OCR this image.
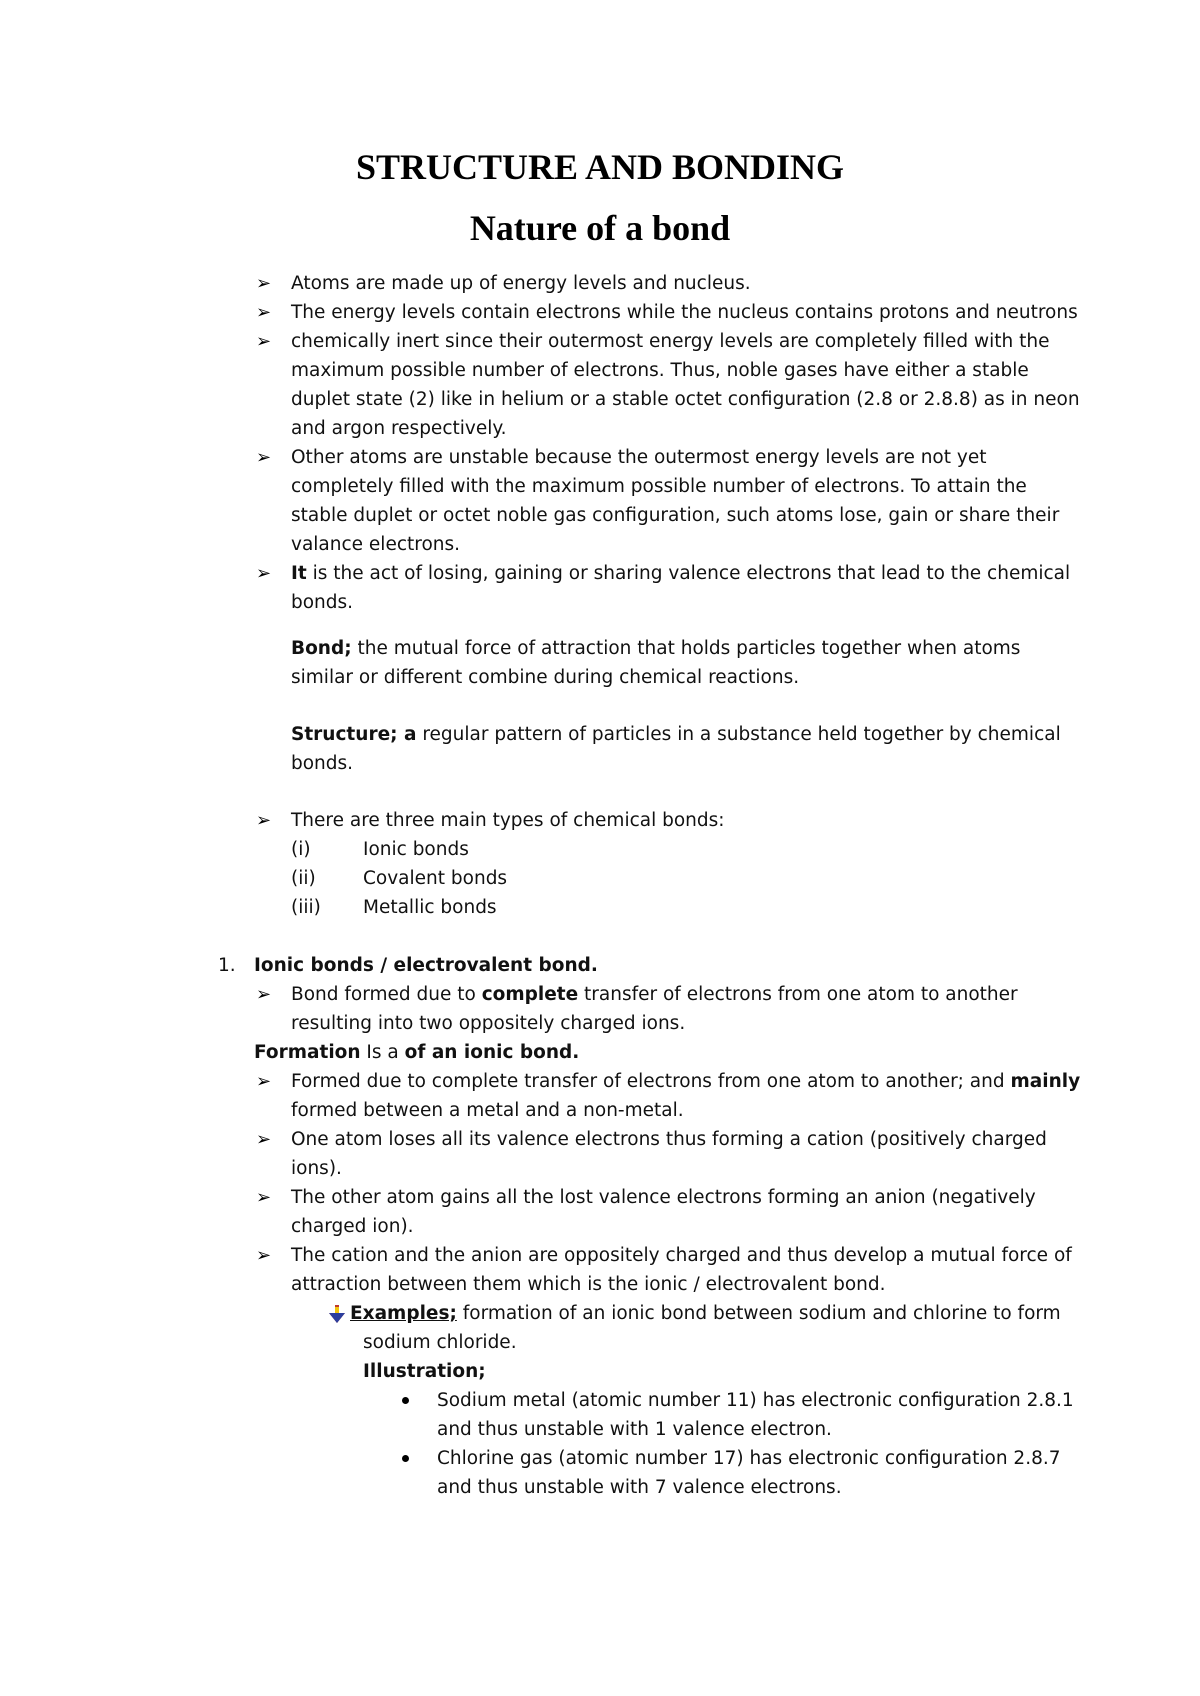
STRUCTURE AND BONDING
Nature of a bond
➢ Atoms are made up of energy levels and nucleus.
➢ The energy levels contain electrons while the nucleus contains protons and neutrons
➢ chemically inert since their outermost energy levels are completely filled with the
maximum possible number of electrons. Thus, noble gases have either a stable
duplet state (2) like in helium or a stable octet configuration (2.8 or 2.8.8) as in neon
and argon respectively.
➢ Other atoms are unstable because the outermost energy levels are not yet
completely filled with the maximum possible number of electrons. To attain the
stable duplet or octet noble gas configuration, such atoms lose, gain or share their
valance electrons.
➢ It is the act of losing, gaining or sharing valence electrons that lead to the chemical
bonds.
Bond; the mutual force of attraction that holds particles together when atoms
similar or different combine during chemical reactions.
Structure; a regular pattern of particles in a substance held together by chemical
bonds.
➢ There are three main types of chemical bonds:
(i)	Ionic bonds
(ii)	Covalent bonds
(iii) Metallic bonds
1. Ionic bonds / electrovalent bond.
➢ Bond formed due to complete transfer of electrons from one atom to another
resulting into two oppositely charged ions.
Formation Is a of an ionic bond.
➢ Formed due to complete transfer of electrons from one atom to another; and mainly
formed between a metal and a non-metal.
➢ One atom loses all its valence electrons thus forming a cation (positively charged
ions).
➢ The other atom gains all the lost valence electrons forming an anion (negatively
charged ion).
➢ The cation and the anion are oppositely charged and thus develop a mutual force of
attraction between them which is the ionic / electrovalent bond.
Examples; formation of an ionic bond between sodium and chlorine to form
sodium chloride.
Illustration;
Sodium metal (atomic number 11) has electronic configuration 2.8.1
and thus unstable with 1 valence electron.
Chlorine gas (atomic number 17) has electronic configuration 2.8.7
and thus unstable with 7 valence electrons.
